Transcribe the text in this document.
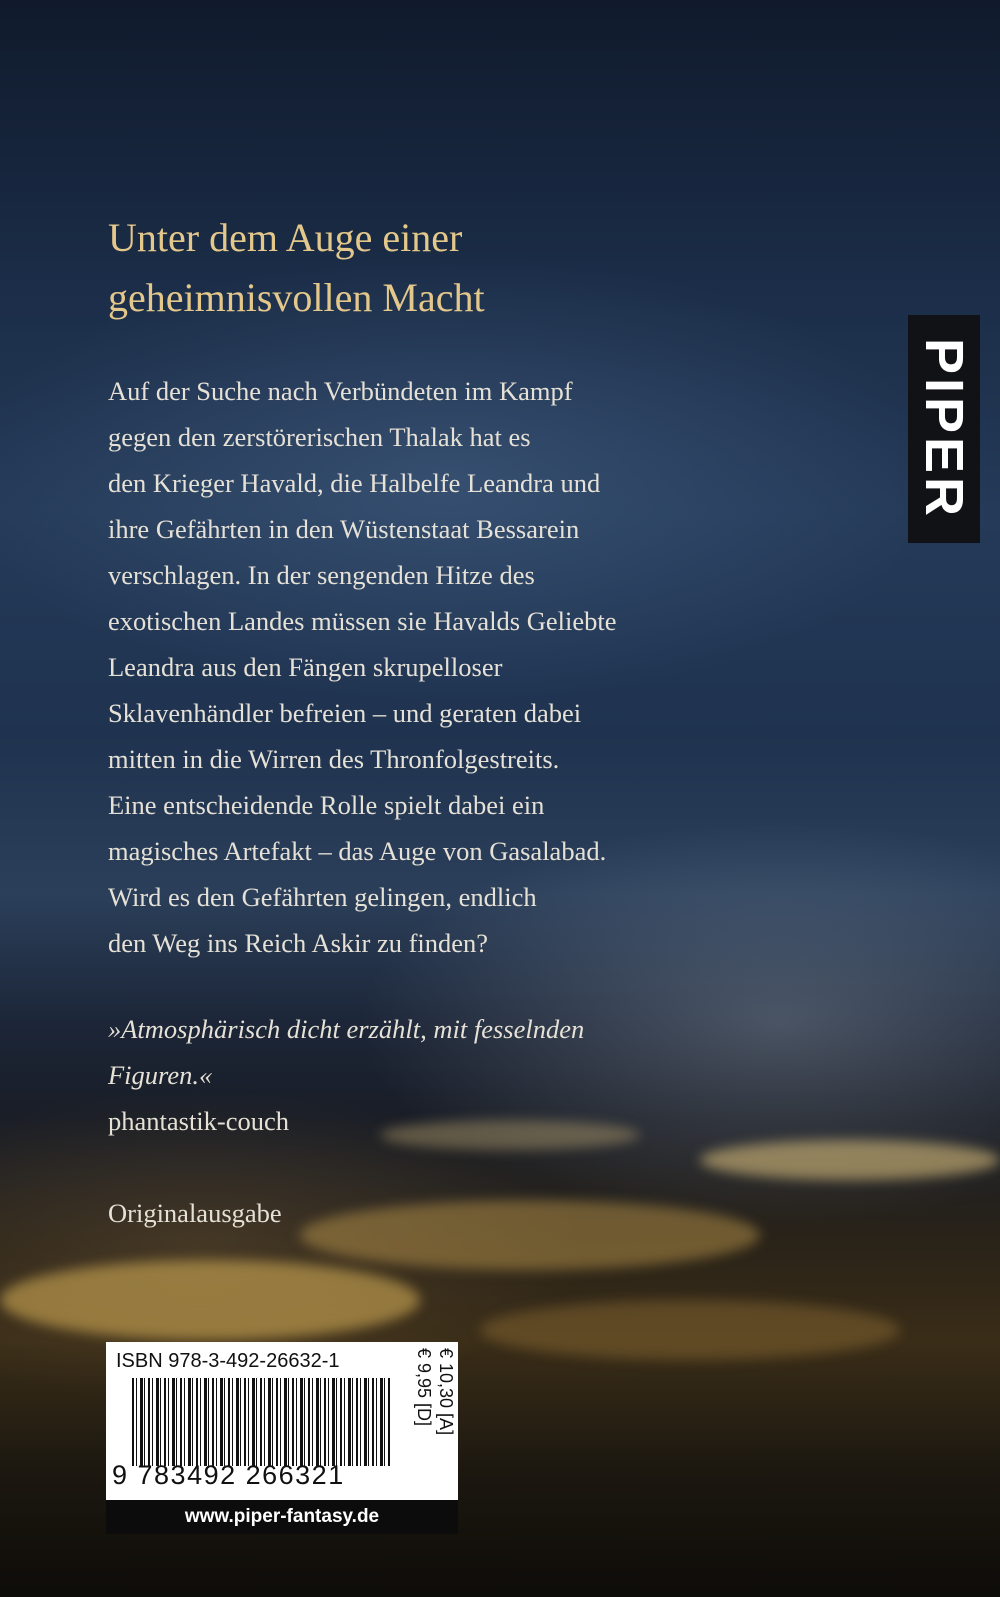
Unter dem Auge einer
geheimnisvollen Macht

Auf der Suche nach Verbündeten im Kampf
gegen den zerstörerischen Thalak hat es
den Krieger Havald, die Halbelfe Leandra und
ihre Gefährten in den Wüstenstaat Bessarein
verschlagen. In der sengenden Hitze des
exotischen Landes müssen sie Havalds Geliebte
Leandra aus den Fängen skrupelloser
Sklavenhändler befreien – und geraten dabei
mitten in die Wirren des Thronfolgestreits.
Eine entscheidende Rolle spielt dabei ein
magisches Artefakt – das Auge von Gasalabad.
Wird es den Gefährten gelingen, endlich
den Weg ins Reich Askir zu finden?

»Atmosphärisch dicht erzählt, mit fesselnden
Figuren.«

phantastik-couch
Originalausgabe
PIPER
ISBN 978-3-492-26632-1
9 783492 266321
€ 9,95 [D] € 10,30 [A]
www.piper-fantasy.de
